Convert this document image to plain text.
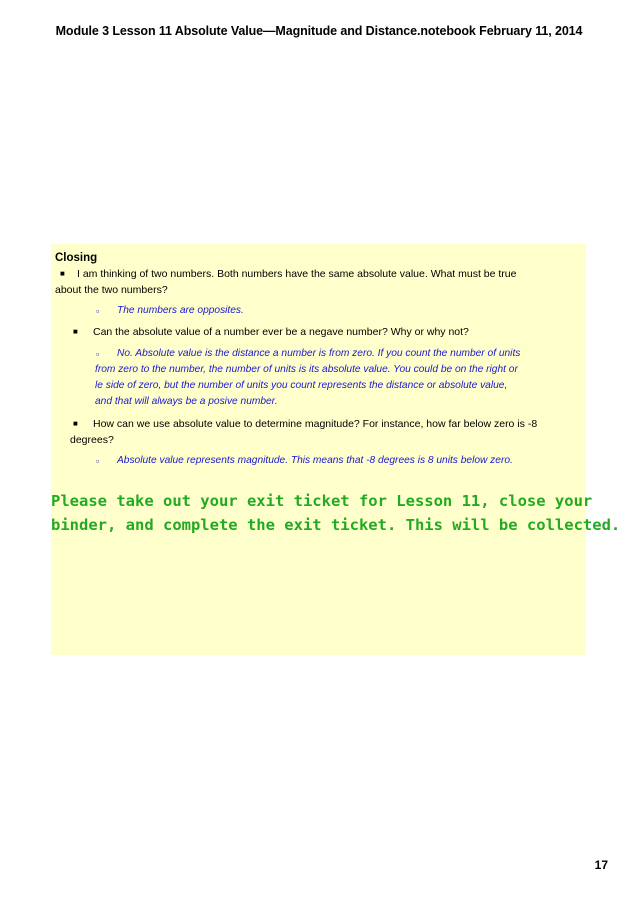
Module 3 Lesson 11 Absolute Value—Magnitude and Distance.notebook February 11, 2014
Closing
■ I am thinking of two numbers. Both numbers have the same absolute value. What must be true
about the two numbers?
▫ The numbers are opposites.
■ Can the absolute value of a number ever be a negave number? Why or why not?
▫ No. Absolute value is the distance a number is from zero. If you count the number of units
from zero to the number, the number of units is its absolute value. You could be on the right or
le side of zero, but the number of units you count represents the distance or absolute value,
and that will always be a posive number.
■ How can we use absolute value to determine magnitude? For instance, how far below zero is -8
degrees?
▫ Absolute value represents magnitude. This means that -8 degrees is 8 units below zero.
Please take out your exit ticket for Lesson 11, close your
binder, and complete the exit ticket. This will be collected.
17
